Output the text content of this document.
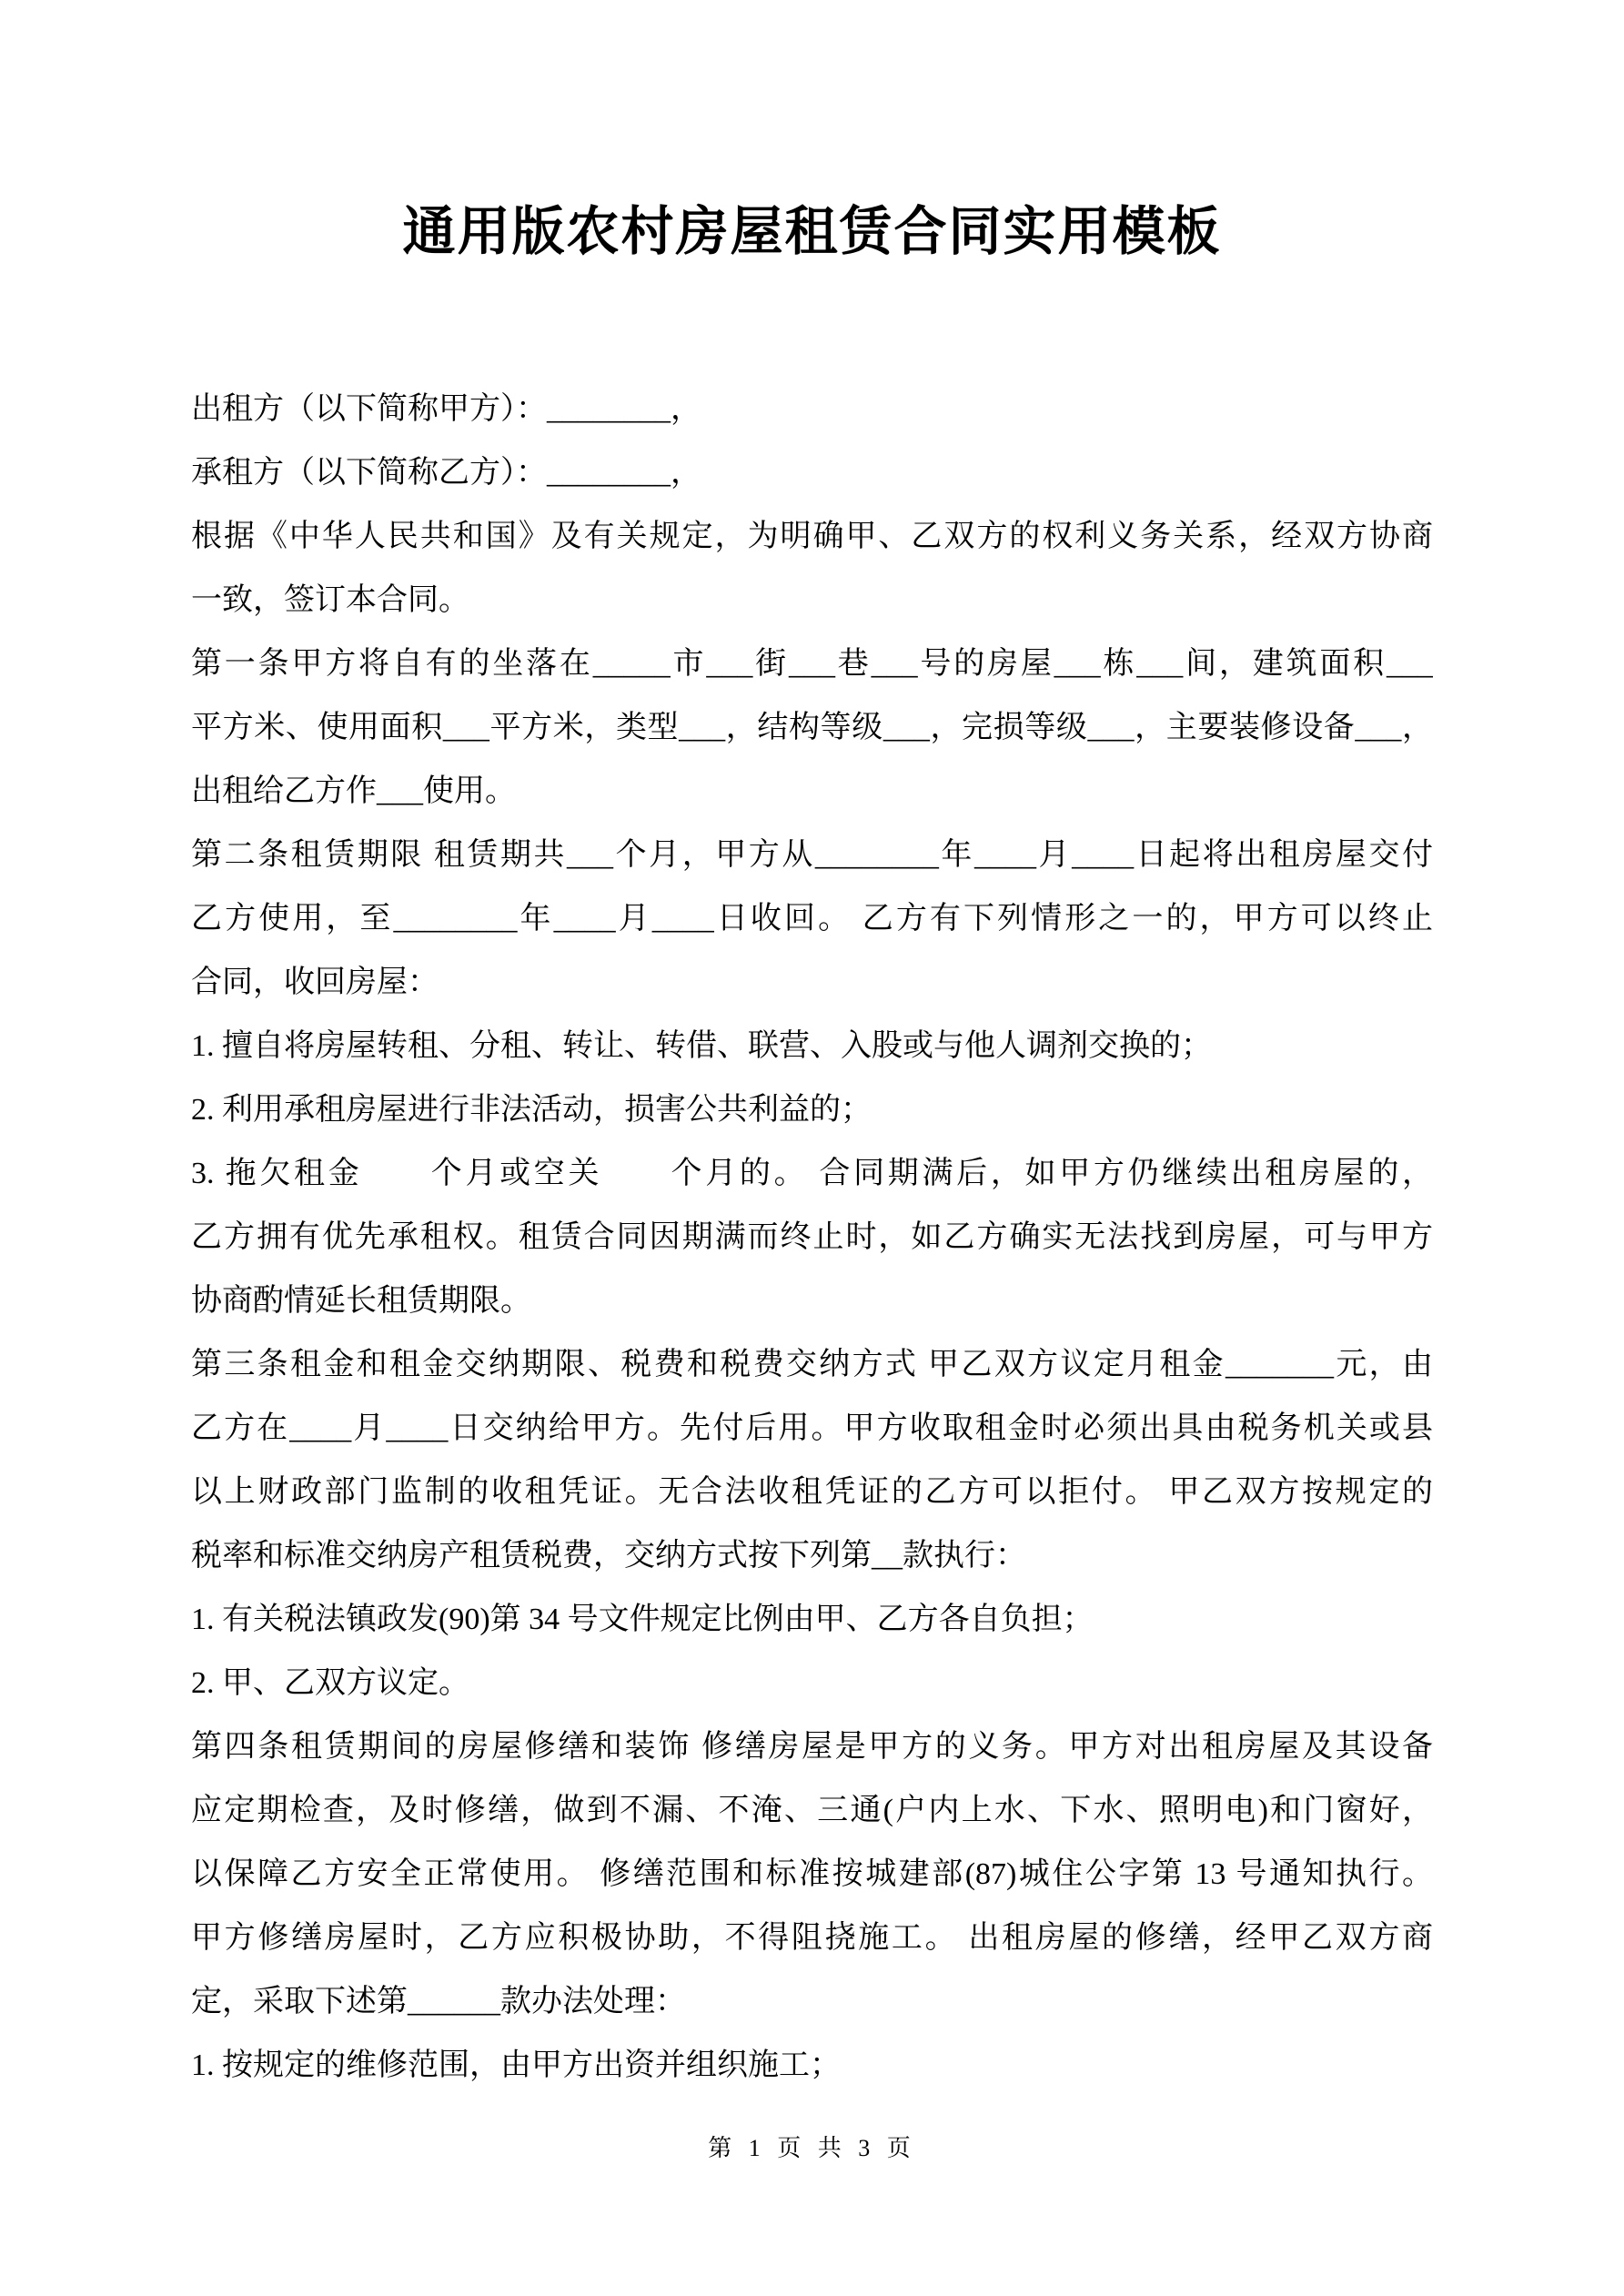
通用版农村房屋租赁合同实用模板
出租方（以下简称甲方）：________，
承租方（以下简称乙方）：________，
根据《中华人民共和国》及有关规定，为明确甲、乙双方的权利义务关系，经双方协商
一致，签订本合同。
第一条甲方将自有的坐落在_____市___街___巷___号的房屋___栋___间，建筑面积___
平方米、使用面积___平方米，类型___，结构等级___，完损等级___，主要装修设备___，
出租给乙方作___使用。
第二条租赁期限 租赁期共___个月，甲方从________年____月____日起将出租房屋交付
乙方使用，至________年____月____日收回。 乙方有下列情形之一的，甲方可以终止
合同，收回房屋：
1. 擅自将房屋转租、分租、转让、转借、联营、入股或与他人调剂交换的；
2. 利用承租房屋进行非法活动，损害公共利益的；
3. 拖欠租金　　个月或空关　　个月的。 合同期满后，如甲方仍继续出租房屋的，
乙方拥有优先承租权。租赁合同因期满而终止时，如乙方确实无法找到房屋，可与甲方
协商酌情延长租赁期限。
第三条租金和租金交纳期限、税费和税费交纳方式 甲乙双方议定月租金_______元，由
乙方在____月____日交纳给甲方。先付后用。甲方收取租金时必须出具由税务机关或县
以上财政部门监制的收租凭证。无合法收租凭证的乙方可以拒付。 甲乙双方按规定的
税率和标准交纳房产租赁税费，交纳方式按下列第__款执行：
1. 有关税法镇政发(90)第 34 号文件规定比例由甲、乙方各自负担；
2. 甲、乙双方议定。
第四条租赁期间的房屋修缮和装饰 修缮房屋是甲方的义务。甲方对出租房屋及其设备
应定期检查，及时修缮，做到不漏、不淹、三通(户内上水、下水、照明电)和门窗好，
以保障乙方安全正常使用。 修缮范围和标准按城建部(87)城住公字第 13 号通知执行。
甲方修缮房屋时，乙方应积极协助，不得阻挠施工。 出租房屋的修缮，经甲乙双方商
定，采取下述第______款办法处理：
1. 按规定的维修范围，由甲方出资并组织施工；
第 1 页 共 3 页
